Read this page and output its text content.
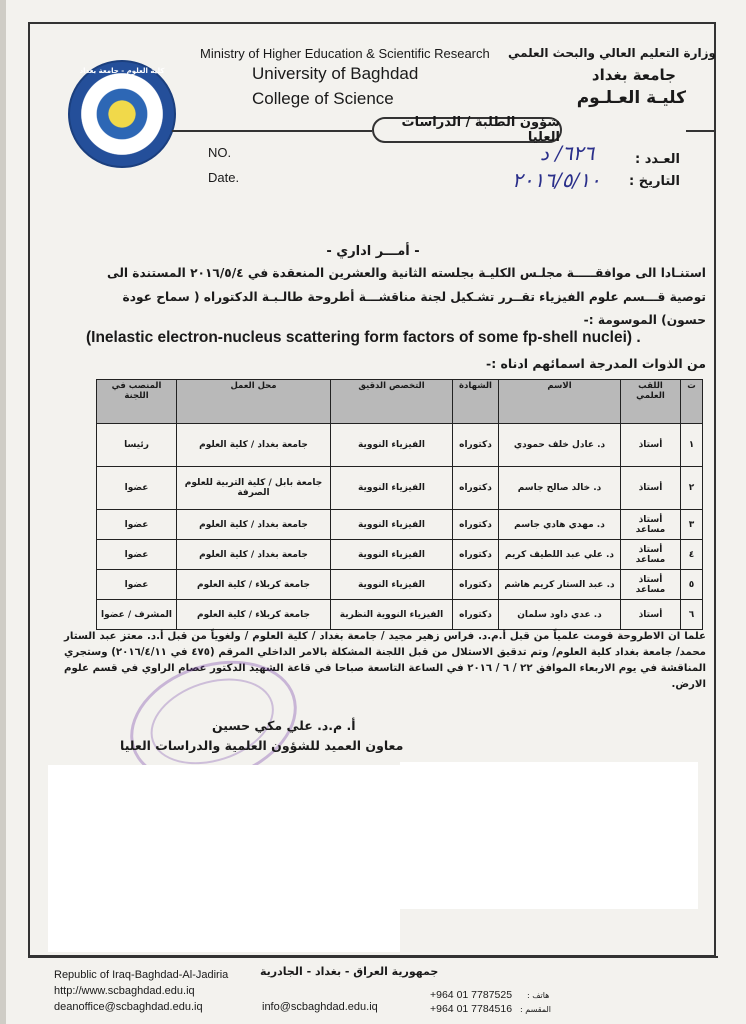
Ministry of Higher Education & Scientific Research
University of Baghdad
College of Science
كلية العلوم - جامعة بغداد
وزارة التعليم العالي والبحث العلمي
جامعة بغداد
كليـة العـلـوم
شؤون الطلبة / الدراسات العليا
NO.
Date.
العـدد :
التاريخ :
٦٢٦/ د
٢٠١٦/٥/١٠
- أمـــر اداري -
استنـادا الى موافقـــــة مجلـس الكليـة بجلسته الثانية والعشرين المنعقدة في ٢٠١٦/٥/٤ المستندة الى
توصية قـــسم علوم الفيزياء تقــرر تشـكيل لجنة مناقشـــة أطروحة طالـبـة الدكتوراه ( سماح عودة
حسون) الموسومة :-
(Inelastic electron-nucleus scattering form factors of some fp-shell nuclei) .
من الذوات المدرجة اسمائهم ادناه :-
ت	اللقب العلمي	الاسم	الشهادة	التخصص الدقيق	محل العمل	المنصب في اللجنة
١	أستاذ	د. عادل خلف حمودي	دكتوراه	الفيزياء النووية	جامعة بغداد / كلية العلوم	رئيسا
٢	أستاذ	د. خالد صالح جاسم	دكتوراه	الفيزياء النووية	جامعة بابل / كلية التربية للعلوم الصرفة	عضوا
٣	أستاذ مساعد	د. مهدي هادي جاسم	دكتوراه	الفيزياء النووية	جامعة بغداد / كلية العلوم	عضوا
٤	أستاذ مساعد	د. علي عبد اللطيف كريم	دكتوراه	الفيزياء النووية	جامعة بغداد / كلية العلوم	عضوا
٥	أستاذ مساعد	د. عبد الستار كريم هاشم	دكتوراه	الفيزياء النووية	جامعة كربلاء / كلية العلوم	عضوا
٦	أستاذ	د. عدي داود سلمان	دكتوراه	الفيزياء النووية النظرية	جامعة كربلاء / كلية العلوم	المشرف / عضوا
علما ان الاطروحة قومت علمياً من قبل أ.م.د. فراس زهير مجيد / جامعة بغداد / كلية العلوم / ولغوياً من قبل أ.د. معتز عبد الستار محمد/ جامعة بغداد كلية العلوم/ وتم تدقيق الاستلال من قبل اللجنة المشكلة بالامر الداخلي المرقم (٤٧٥ في ٢٠١٦/٤/١١) وستجري المناقشة في يوم الاربعاء الموافق ٢٢ / ٦ / ٢٠١٦ في الساعة التاسعة صباحا في قاعة الشهيد الدكتور عصام الراوي في قسم علوم الارض.
أ. م.د. علي مكي حسين
معاون العميد للشؤون العلمية والدراسات العليا
Republic of Iraq-Baghdad-Al-Jadiria
http://www.scbaghdad.edu.iq
deanoffice@scbaghdad.edu.iq
جمهورية العراق - بغداد - الجادرية
info@scbaghdad.edu.iq
+964 01 7787525 هاتف :
+964 01 7784516 المقسم :
